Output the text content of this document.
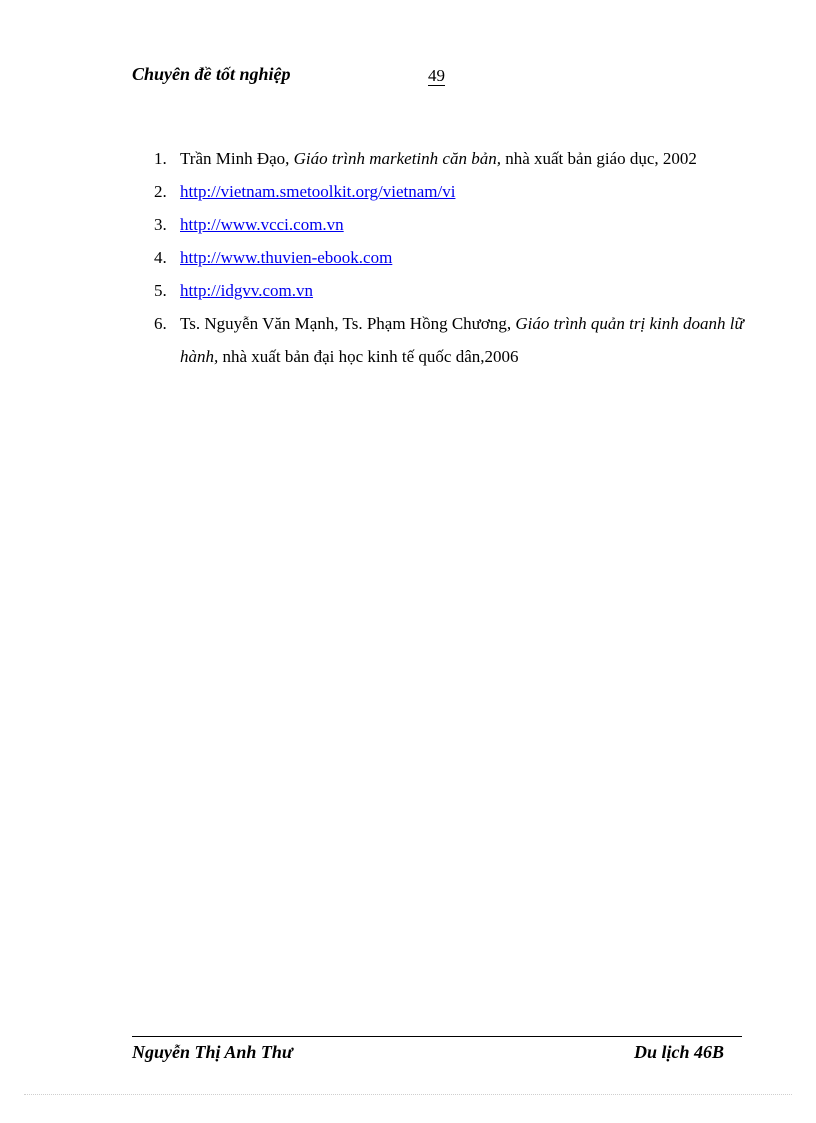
Chuyên đề tốt nghiệp	49
1. Trần Minh Đạo, Giáo trình marketinh căn bản, nhà xuất bản giáo dục, 2002
2. http://vietnam.smetoolkit.org/vietnam/vi
3. http://www.vcci.com.vn
4. http://www.thuvien-ebook.com
5. http://idgvv.com.vn
6. Ts. Nguyễn Văn Mạnh, Ts. Phạm Hồng Chương, Giáo trình quản trị kinh doanh lữ hành, nhà xuất bản đại học kinh tế quốc dân,2006
Nguyễn Thị Anh Thư	Du lịch 46B
